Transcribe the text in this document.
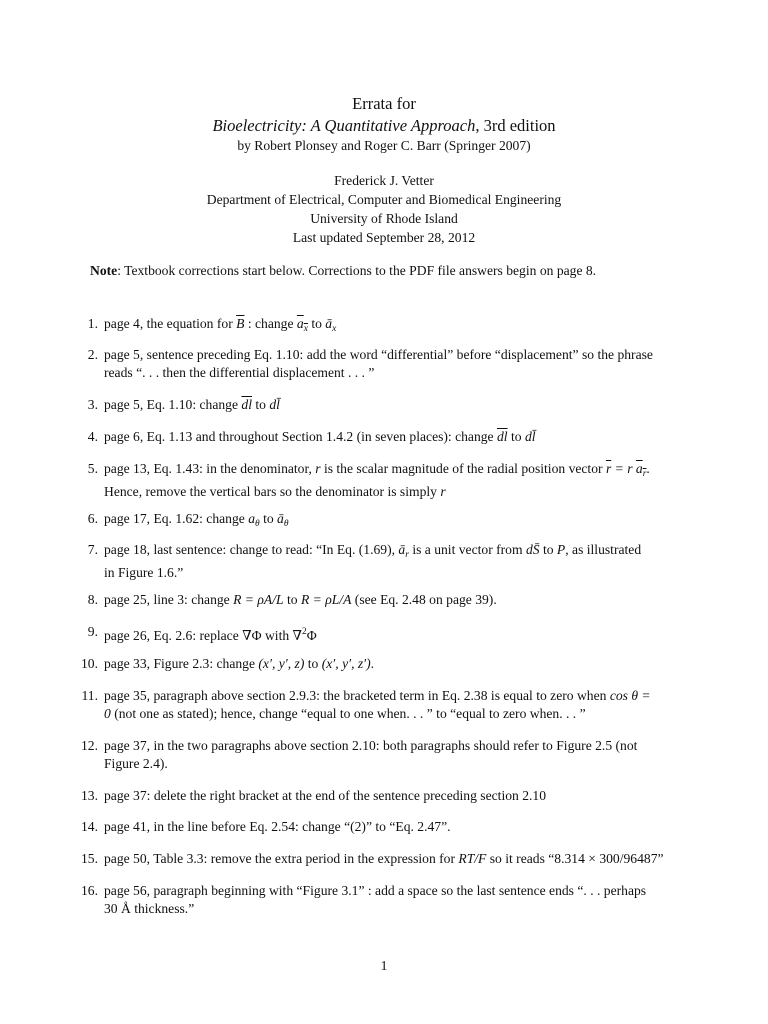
Errata for
Bioelectricity: A Quantitative Approach, 3rd edition
by Robert Plonsey and Roger C. Barr (Springer 2007)
Frederick J. Vetter
Department of Electrical, Computer and Biomedical Engineering
University of Rhode Island
Last updated September 28, 2012
Note: Textbook corrections start below. Corrections to the PDF file answers begin on page 8.
1. page 4, the equation for $\overline{B}$ : change $a_x$ to $ā_x$
2. page 5, sentence preceding Eq. 1.10: add the word “differential” before “displacement” so the phrase
reads “. . . then the differential displacement . . . ”
3. page 5, Eq. 1.10: change $\overline{dl}$ to dl̄
4. page 6, Eq. 1.13 and throughout Section 1.4.2 (in seven places): change $\overline{dl}$ to dl̄
5. page 13, Eq. 1.43: in the denominator, r is the scalar magnitude of the radial position vector $\overline{r} = r$ $a_r$.
Hence, remove the vertical bars so the denominator is simply r
6. page 17, Eq. 1.62: change $a_\theta$ to $ā_\theta$
7. page 18, last sentence: change to read: “In Eq. (1.69), $ā_r$ is a unit vector from dS̄ to P, as illustrated
in Figure 1.6.”
8. page 25, line 3: change R = ρA/L to R = ρL/A (see Eq. 2.48 on page 39).
9. page 26, Eq. 2.6: replace ∇Φ with ∇$^2$Φ
10. page 33, Figure 2.3: change (x′, y′, z) to (x′, y′, z′).
11. page 35, paragraph above section 2.9.3: the bracketed term in Eq. 2.38 is equal to zero when cos θ =
0 (not one as stated); hence, change “equal to one when. . . ” to “equal to zero when. . . ”
12. page 37, in the two paragraphs above section 2.10: both paragraphs should refer to Figure 2.5 (not
Figure 2.4).
13. page 37: delete the right bracket at the end of the sentence preceding section 2.10
14. page 41, in the line before Eq. 2.54: change “(2)” to “Eq. 2.47”.
15. page 50, Table 3.3: remove the extra period in the expression for RT/F so it reads “8.314 × 300/96487”
16. page 56, paragraph beginning with “Figure 3.1” : add a space so the last sentence ends “. . . perhaps
30 Å thickness.”
1
